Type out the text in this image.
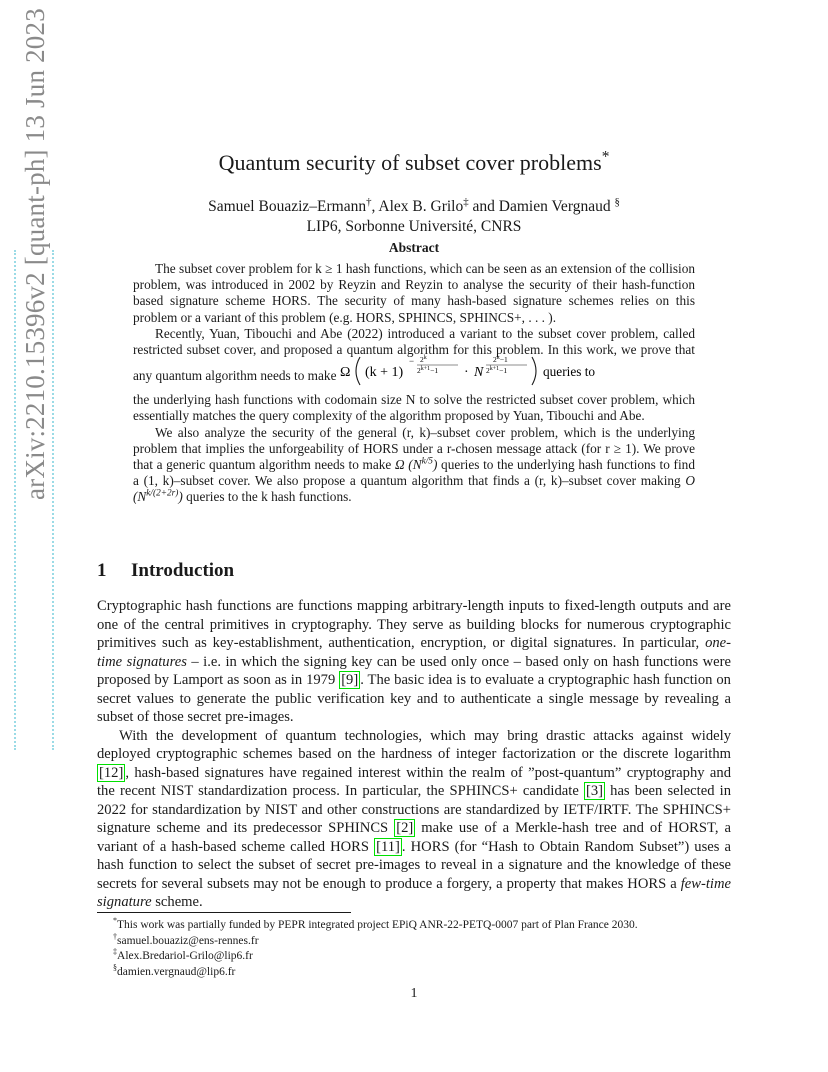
arXiv:2210.15396v2 [quant-ph] 13 Jun 2023	Quantum security of subset cover problems*
Samuel Bouaziz–Ermann†, Alex B. Grilo‡ and Damien Vergnaud §
LIP6, Sorbonne Université, CNRS
Abstract

The subset cover problem for k ≥ 1 hash functions, which can be seen as an extension of the collision problem, was introduced in 2002 by Reyzin and Reyzin to analyse the security of their hash-function based signature scheme HORS. The security of many hash-based signature schemes relies on this problem or a variant of this problem (e.g. HORS, SPHINCS, SPHINCS+, . . . ).

Recently, Yuan, Tibouchi and Abe (2022) introduced a variant to the subset cover problem, called restricted subset cover, and proposed a quantum algorithm for this problem. In this work, we prove that any quantum algorithm needs to make Ω (k + 1)
− $2^k$
$2^{k+1}-1 \cdot N$
$2^k-1$
$2^{k+1}-1$	queries to

the underlying hash functions with codomain size N to solve the restricted subset cover problem, which essentially matches the query complexity of the algorithm proposed by Yuan, Tibouchi and Abe.

We also analyze the security of the general (r, k)–subset cover problem, which is the underlying problem that implies the unforgeability of HORS under a r-chosen message attack (for r ≥ 1). We prove that a generic quantum algorithm needs to make Ω $(N^{k/5})$ queries to the underlying hash functions to find a (1, k)–subset cover. We also propose a quantum algorithm that finds a (r, k)–subset cover making O $(N^{k/(2+2r)})$ queries to the k hash functions.

1 Introduction

Cryptographic hash functions are functions mapping arbitrary-length inputs to fixed-length outputs and are one of the central primitives in cryptography. They serve as building blocks for numerous cryptographic primitives such as key-establishment, authentication, encryption, or digital signatures. In particular, one-time signatures – i.e. in which the signing key can be used only once – based only on hash functions were proposed by Lamport as soon as in 1979 [9] . The basic idea is to evaluate a cryptographic hash function on secret values to generate the public verification key and to authenticate a single message by revealing a subset of those secret pre-images.

With the development of quantum technologies, which may bring drastic attacks against widely deployed cryptographic schemes based on the hardness of integer factorization or the discrete logarithm [12] , hash-based signatures have regained interest within the realm of ”post-quantum” cryptography and the recent NIST standardization process. In particular, the SPHINCS+ candidate [3] has been selected in 2022 for standardization by NIST and other constructions are standardized by IETF/IRTF. The SPHINCS+ signature scheme and its predecessor SPHINCS [2] make use of a Merkle-hash tree and of HORST, a variant of a hash-based scheme called HORS [11] . HORS (for “Hash to Obtain Random Subset”) uses a hash function to select the subset of secret pre-images to reveal in a signature and the knowledge of these secrets for several subsets may not be enough to produce a forgery, a property that makes HORS a few-time signature scheme.

*This work was partially funded by PEPR integrated project EPiQ ANR-22-PETQ-0007 part of Plan France 2030.
†samuel.bouaziz@ens-rennes.fr
‡Alex.Bredariol-Grilo@lip6.fr
§damien.vergnaud@lip6.fr
1
